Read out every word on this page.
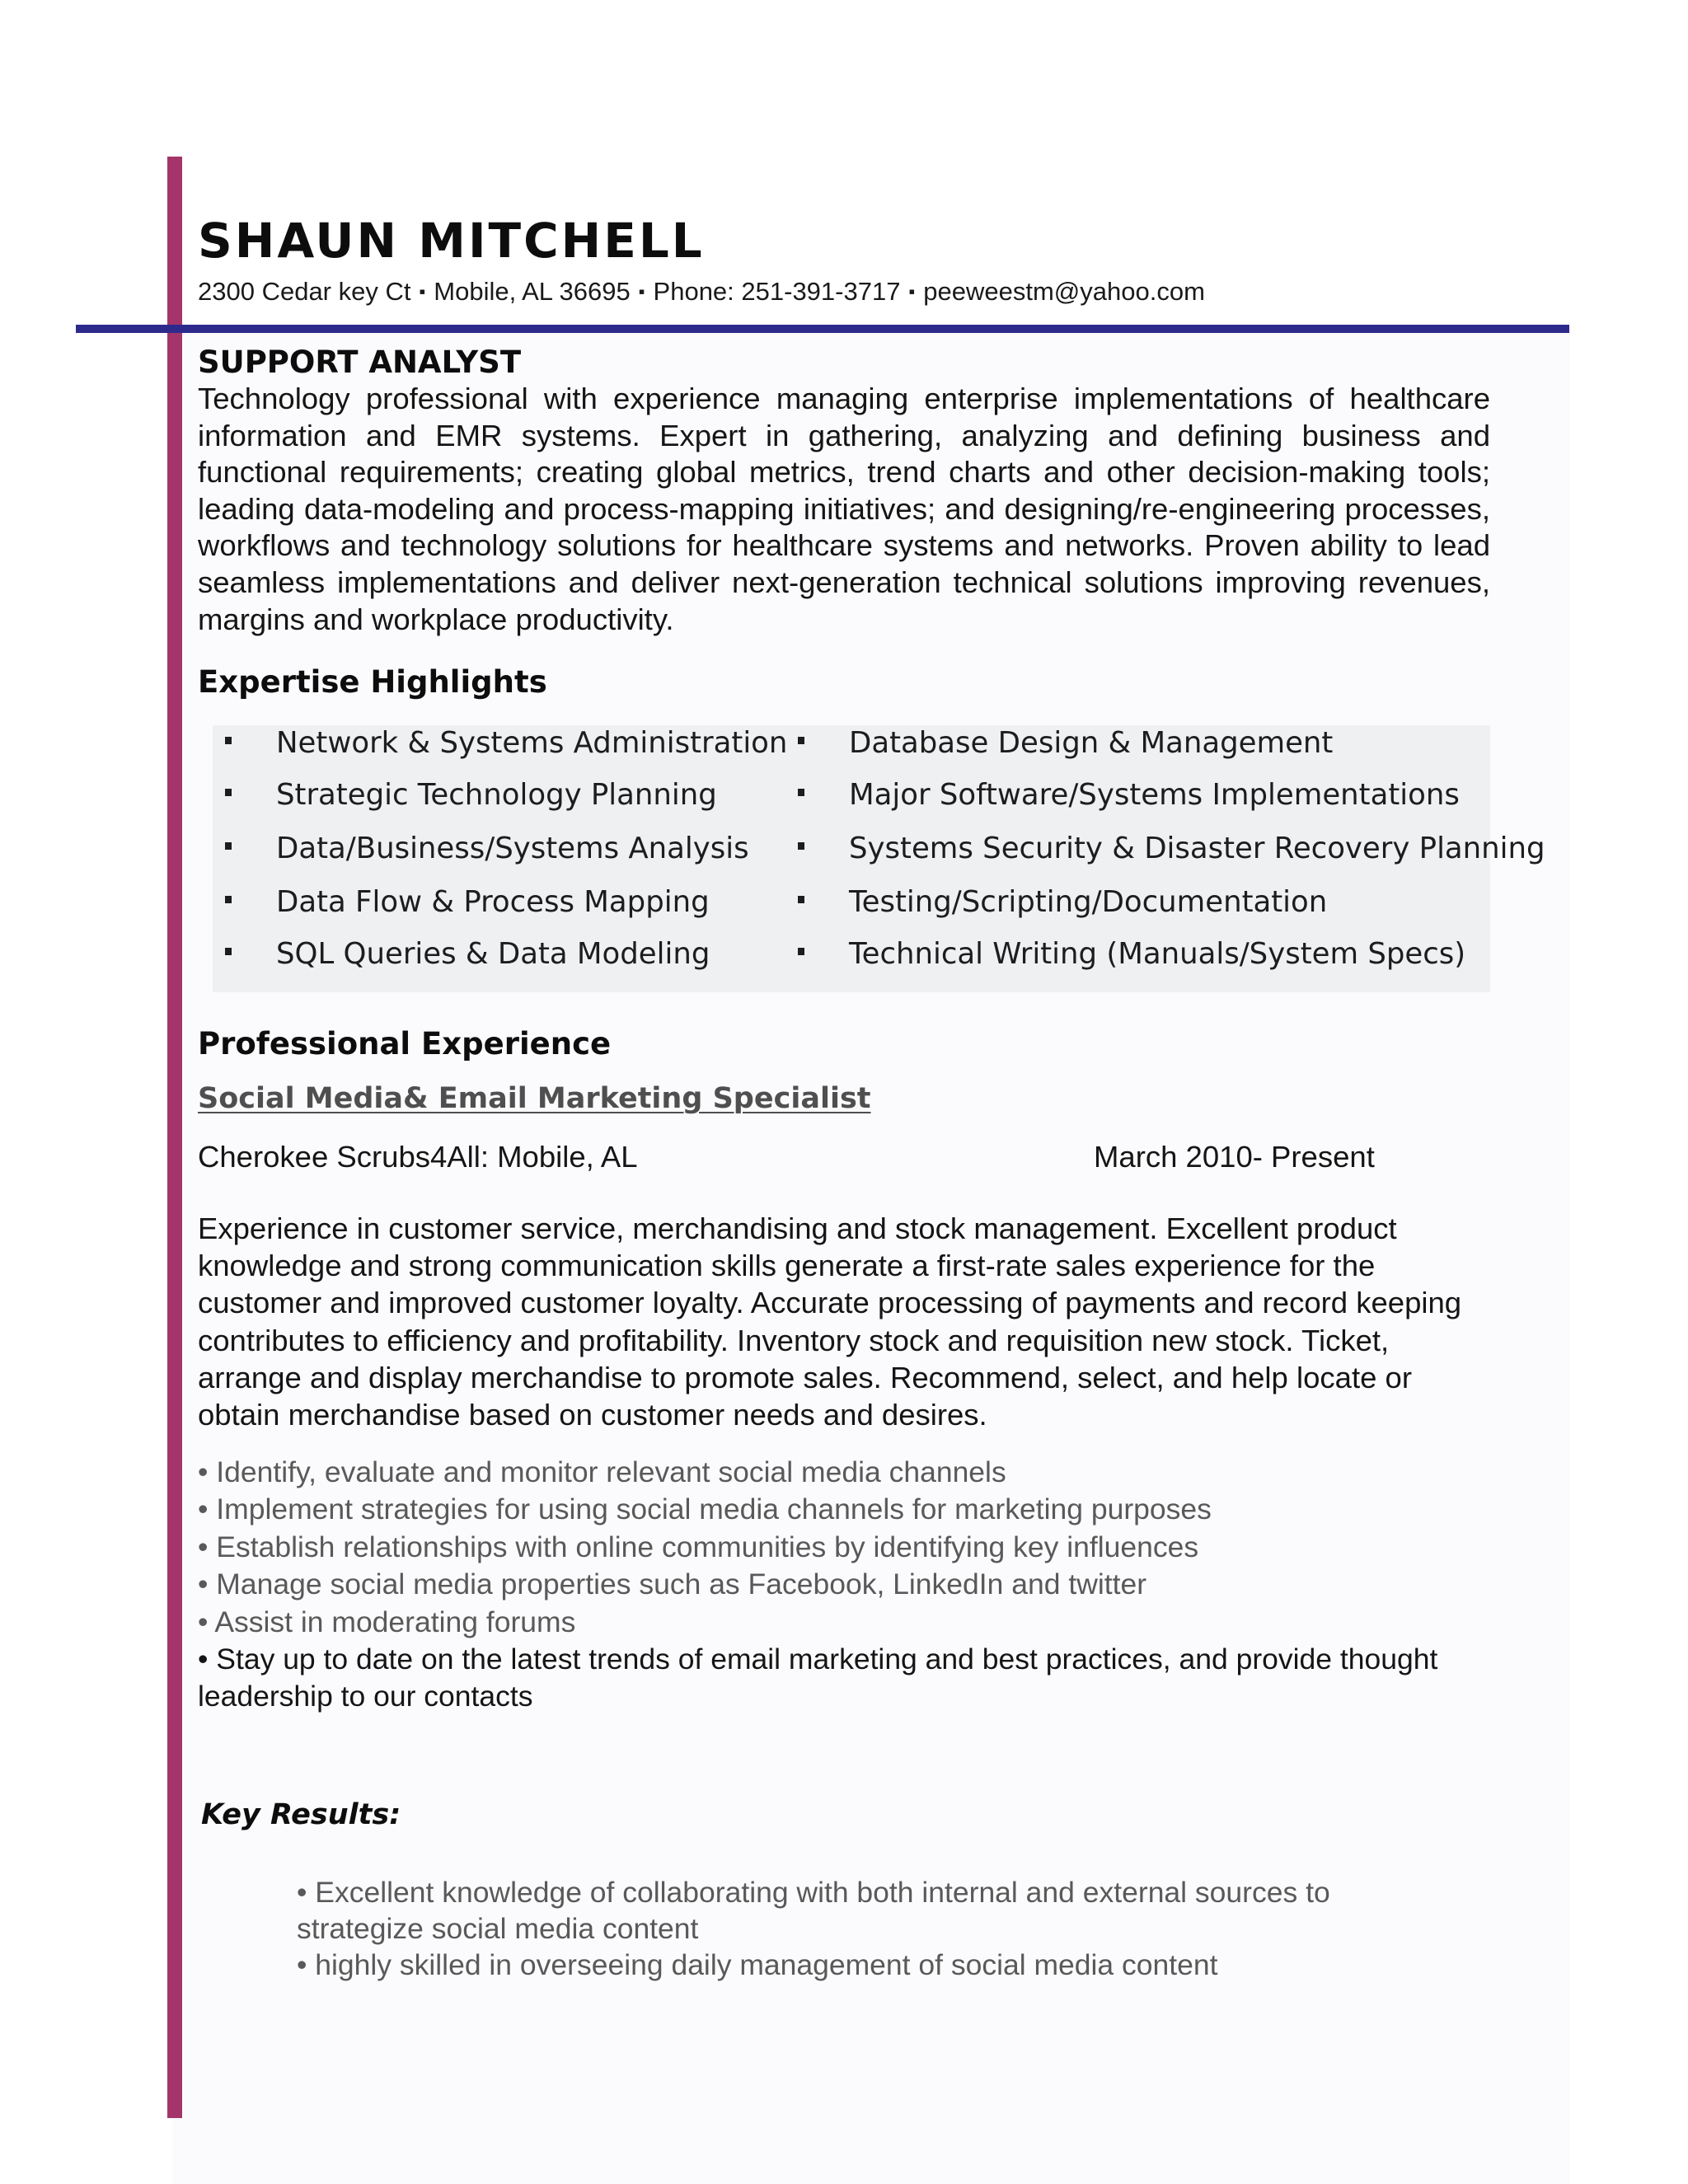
SHAUN MITCHELL
2300 Cedar key Ct ▪ Mobile, AL 36695 ▪ Phone: 251-391-3717 ▪ peeweestm@yahoo.com
SUPPORT ANALYST
Technology professional with experience managing enterprise implementations of healthcare information and EMR systems. Expert in gathering, analyzing and defining business and functional requirements; creating global metrics, trend charts and other decision-making tools; leading data-modeling and process-mapping initiatives; and designing/re-engineering processes, workflows and technology solutions for healthcare systems and networks. Proven ability to lead seamless implementations and deliver next-generation technical solutions improving revenues, margins and workplace productivity.
Expertise Highlights
Network & Systems Administration
Strategic Technology Planning
Data/Business/Systems Analysis
Data Flow & Process Mapping
SQL Queries & Data Modeling
Database Design & Management
Major Software/Systems Implementations
Systems Security & Disaster Recovery Planning
Testing/Scripting/Documentation
Technical Writing (Manuals/System Specs)
Professional Experience
Social Media& Email Marketing Specialist
Cherokee Scrubs4All: Mobile, AL	March 2010- Present
Experience in customer service, merchandising and stock management. Excellent product knowledge and strong communication skills generate a first-rate sales experience for the customer and improved customer loyalty. Accurate processing of payments and record keeping contributes to efficiency and profitability. Inventory stock and requisition new stock. Ticket, arrange and display merchandise to promote sales. Recommend, select, and help locate or obtain merchandise based on customer needs and desires.
• Identify, evaluate and monitor relevant social media channels
• Implement strategies for using social media channels for marketing purposes
• Establish relationships with online communities by identifying key influences
• Manage social media properties such as Facebook, LinkedIn and twitter
• Assist in moderating forums
• Stay up to date on the latest trends of email marketing and best practices, and provide thought leadership to our contacts
Key Results:
• Excellent knowledge of collaborating with both internal and external sources to strategize social media content
• highly skilled in overseeing daily management of social media content
